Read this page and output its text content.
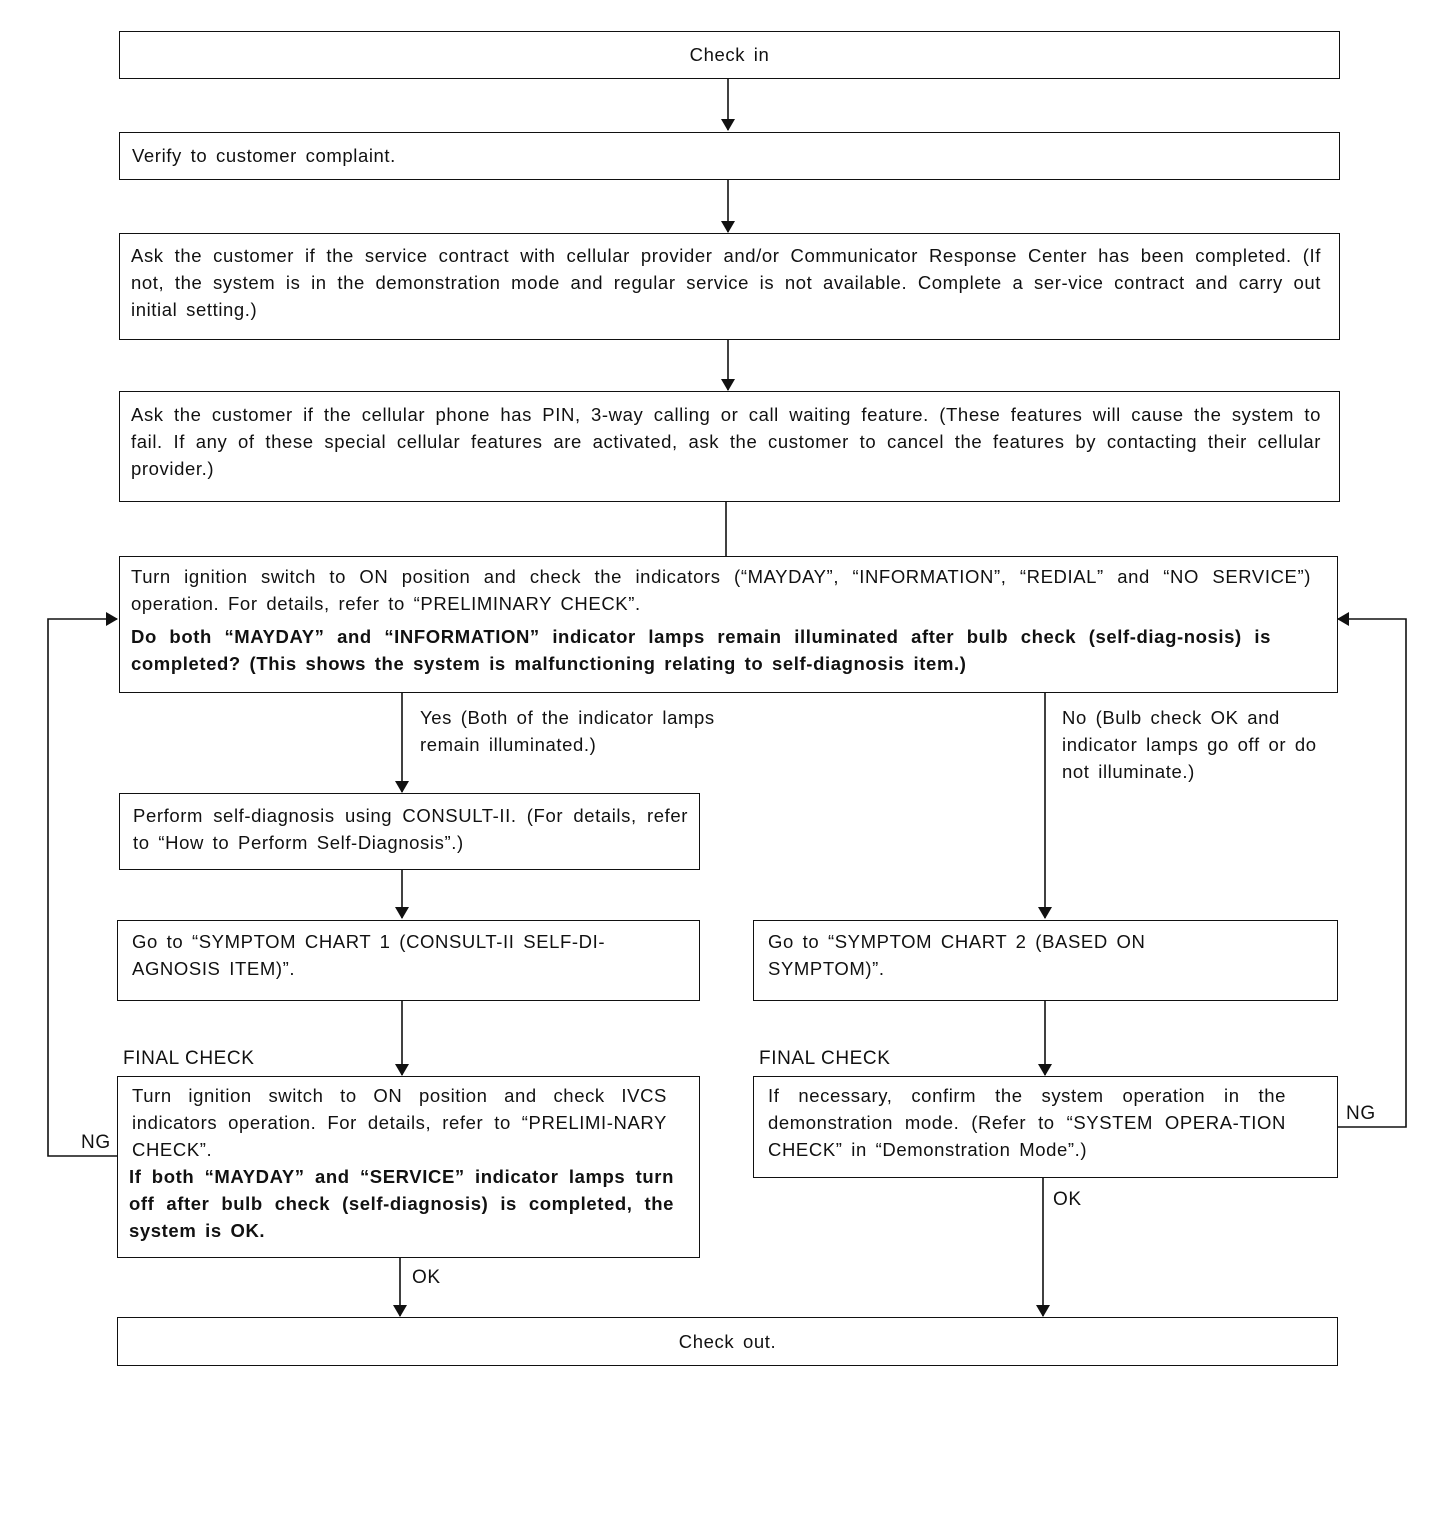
Check in
Verify to customer complaint.
Ask the customer if the service contract with cellular provider and/or Communicator Response Center has been completed. (If not, the system is in the demonstration mode and regular service is not available. Complete a ser-vice contract and carry out initial setting.)
Ask the customer if the cellular phone has PIN, 3-way calling or call waiting feature. (These features will cause the system to fail. If any of these special cellular features are activated, ask the customer to cancel the features by contacting their cellular provider.)
Turn ignition switch to ON position and check the indicators (“MAYDAY”, “INFORMATION”, “REDIAL” and “NO SERVICE”) operation. For details, refer to “PRELIMINARY CHECK”.
Do both “MAYDAY” and “INFORMATION” indicator lamps remain illuminated after bulb check (self-diag-nosis) is completed? (This shows the system is malfunctioning relating to self-diagnosis item.)
Yes (Both of the indicator lamps remain illuminated.)
No (Bulb check OK and indicator lamps go off or do not illuminate.)
Perform self-diagnosis using CONSULT-II. (For details, refer to “How to Perform Self-Diagnosis”.)
Go to “SYMPTOM CHART 1 (CONSULT-II SELF-DI-AGNOSIS ITEM)”.
Go to “SYMPTOM CHART 2 (BASED ON SYMPTOM)”.
FINAL CHECK	FINAL CHECK
Turn ignition switch to ON position and check IVCS indicators operation. For details, refer to “PRELIMI-NARY CHECK”.
If both “MAYDAY” and “SERVICE” indicator lamps turn off after bulb check (self-diagnosis) is completed, the system is OK.
If necessary, confirm the system operation in the demonstration mode. (Refer to “SYSTEM OPERA-TION CHECK” in “Demonstration Mode”.)
NG
NG
OK
OK
Check out.
